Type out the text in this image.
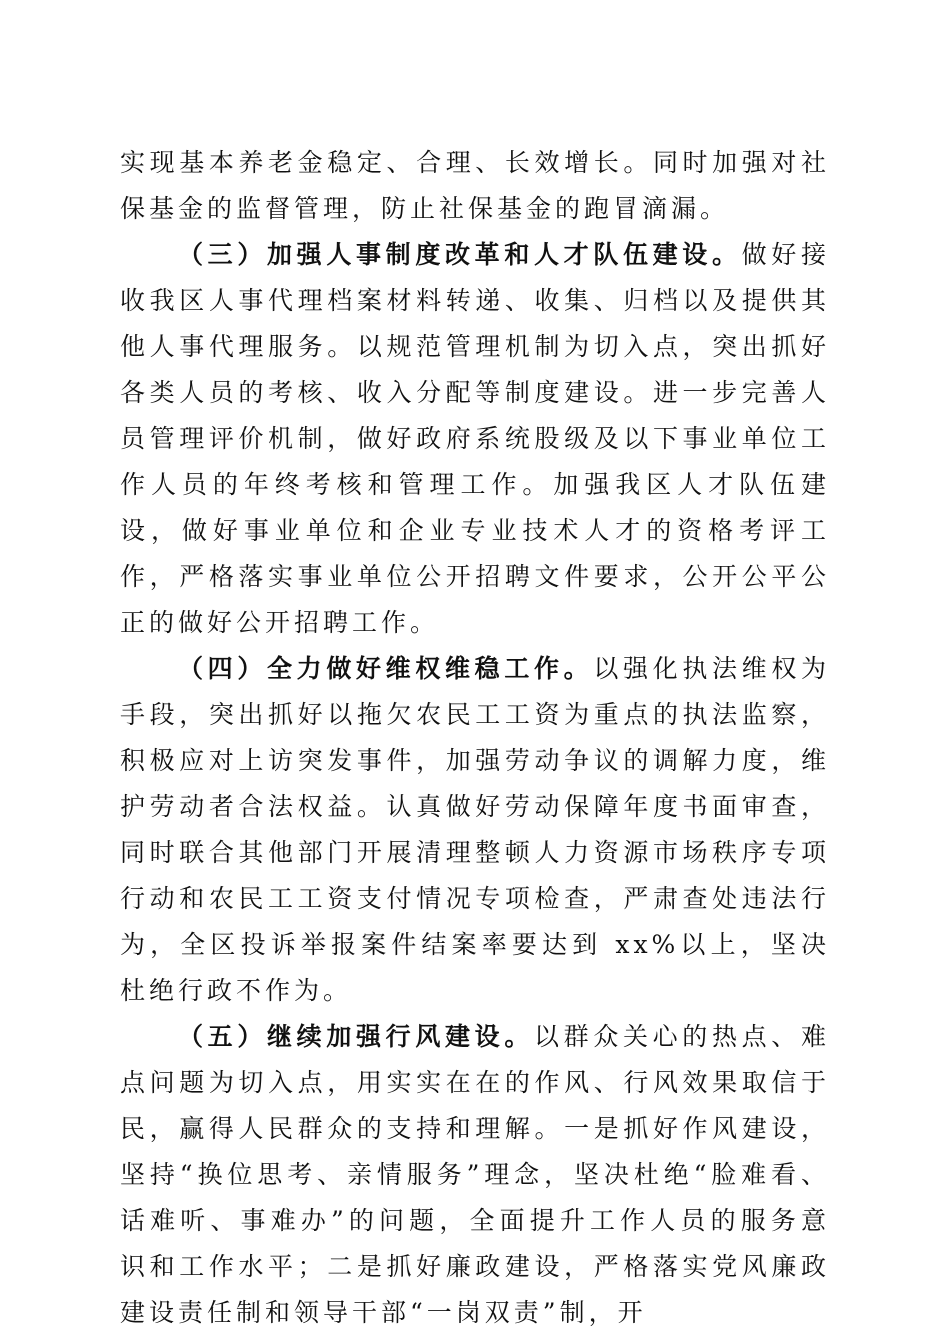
实现基本养老金稳定、合理、长效增长。同时加强对社保基金的监督管理，防止社保基金的跑冒滴漏。

（三）加强人事制度改革和人才队伍建设。做好接收我区人事代理档案材料转递、收集、归档以及提供其他人事代理服务。以规范管理机制为切入点，突出抓好各类人员的考核、收入分配等制度建设。进一步完善人员管理评价机制，做好政府系统股级及以下事业单位工作人员的年终考核和管理工作。加强我区人才队伍建设，做好事业单位和企业专业技术人才的资格考评工作，严格落实事业单位公开招聘文件要求，公开公平公正的做好公开招聘工作。

（四）全力做好维权维稳工作。以强化执法维权为手段，突出抓好以拖欠农民工工资为重点的执法监察，积极应对上访突发事件，加强劳动争议的调解力度，维护劳动者合法权益。认真做好劳动保障年度书面审查，同时联合其他部门开展清理整顿人力资源市场秩序专项行动和农民工工资支付情况专项检查，严肃查处违法行为，全区投诉举报案件结案率要达到 xx%以上，坚决杜绝行政不作为。

（五）继续加强行风建设。以群众关心的热点、难点问题为切入点，用实实在在的作风、行风效果取信于民，赢得人民群众的支持和理解。一是抓好作风建设，坚持“换位思考、亲情服务”理念，坚决杜绝“脸难看、话难听、事难办”的问题，全面提升工作人员的服务意识和工作水平；二是抓好廉政建设，严格落实党风廉政建设责任制和领导干部“一岗双责”制，开
